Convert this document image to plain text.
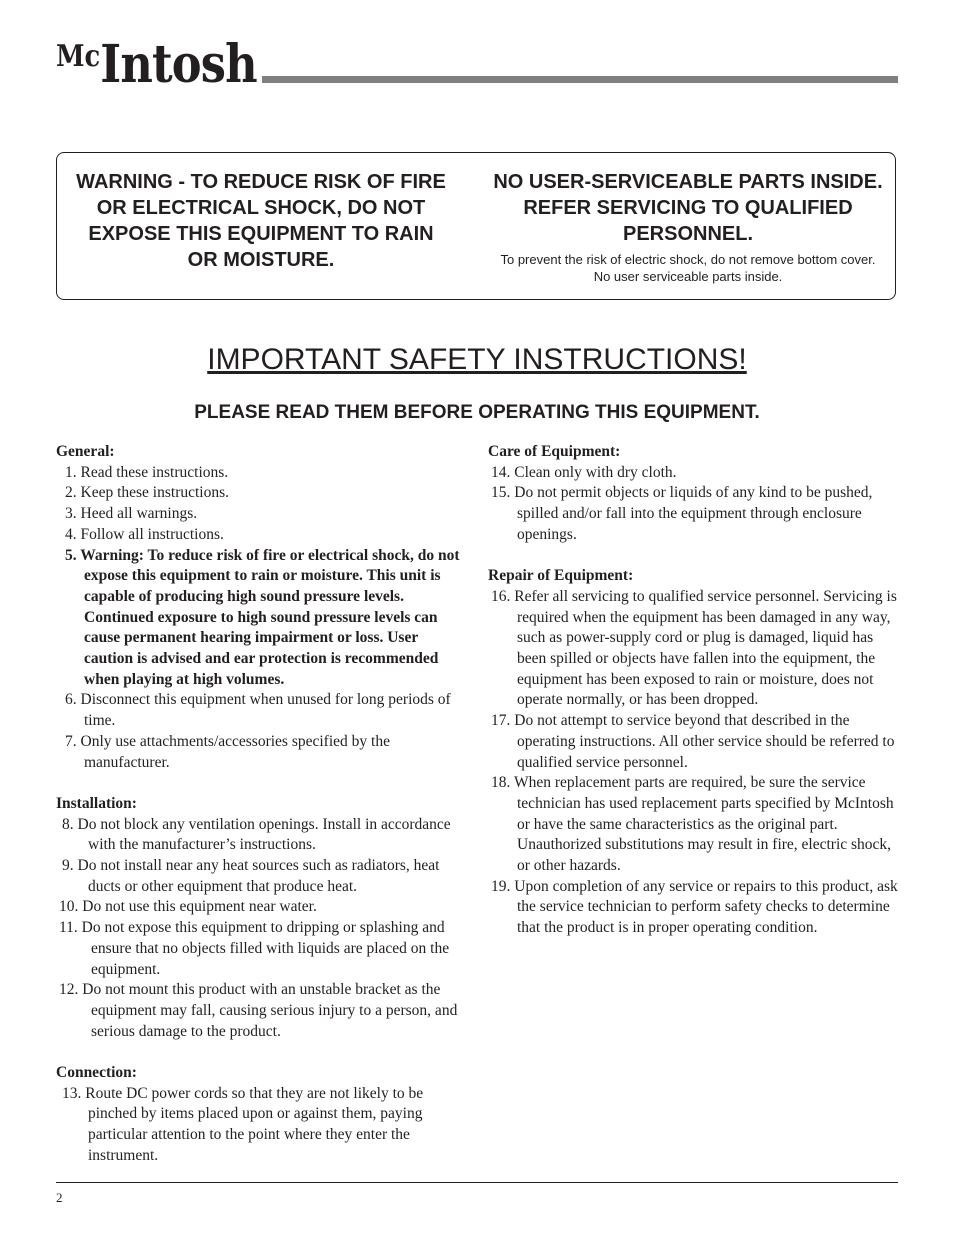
$^{Mc}$Intosh
WARNING - TO REDUCE RISK OF FIRE OR ELECTRICAL SHOCK, DO NOT EXPOSE THIS EQUIPMENT TO RAIN OR MOISTURE.
NO USER-SERVICEABLE PARTS INSIDE. REFER SERVICING TO QUALIFIED PERSONNEL.
To prevent the risk of electric shock, do not remove bottom cover. No user serviceable parts inside.
IMPORTANT SAFETY INSTRUCTIONS!
PLEASE READ THEM BEFORE OPERATING THIS EQUIPMENT.
General:
1. Read these instructions.
2. Keep these instructions.
3. Heed all warnings.
4. Follow all instructions.
5. Warning: To reduce risk of fire or electrical shock, do not expose this equipment to rain or moisture. This unit is capable of producing high sound pressure levels. Continued exposure to high sound pressure levels can cause permanent hearing impairment or loss. User caution is advised and ear protection is recommended when playing at high volumes.
6. Disconnect this equipment when unused for long periods of time.
7. Only use attachments/accessories specified by the manufacturer.
Installation:
8. Do not block any ventilation openings. Install in accordance with the manufacturer’s instructions.
9. Do not install near any heat sources such as radiators, heat ducts or other equipment that produce heat.
10. Do not use this equipment near water.
11. Do not expose this equipment to dripping or splashing and ensure that no objects filled with liquids are placed on the equipment.
12. Do not mount this product with an unstable bracket as the equipment may fall, causing serious injury to a person, and serious damage to the product.
Connection:
13. Route DC power cords so that they are not likely to be pinched by items placed upon or against them, paying particular attention to the point where they enter the instrument.
Care of Equipment:
14. Clean only with dry cloth.
15. Do not permit objects or liquids of any kind to be pushed, spilled and/or fall into the equipment through enclosure openings.
Repair of Equipment:
16. Refer all servicing to qualified service personnel. Servicing is required when the equipment has been damaged in any way, such as power-supply cord or plug is damaged, liquid has been spilled or objects have fallen into the equipment, the equipment has been exposed to rain or moisture, does not operate normally, or has been dropped.
17. Do not attempt to service beyond that described in the operating instructions. All other service should be referred to qualified service personnel.
18. When replacement parts are required, be sure the service technician has used replacement parts specified by McIntosh or have the same characteristics as the original part. Unauthorized substitutions may result in fire, electric shock, or other hazards.
19. Upon completion of any service or repairs to this product, ask the service technician to perform safety checks to determine that the product is in proper operating condition.
2
